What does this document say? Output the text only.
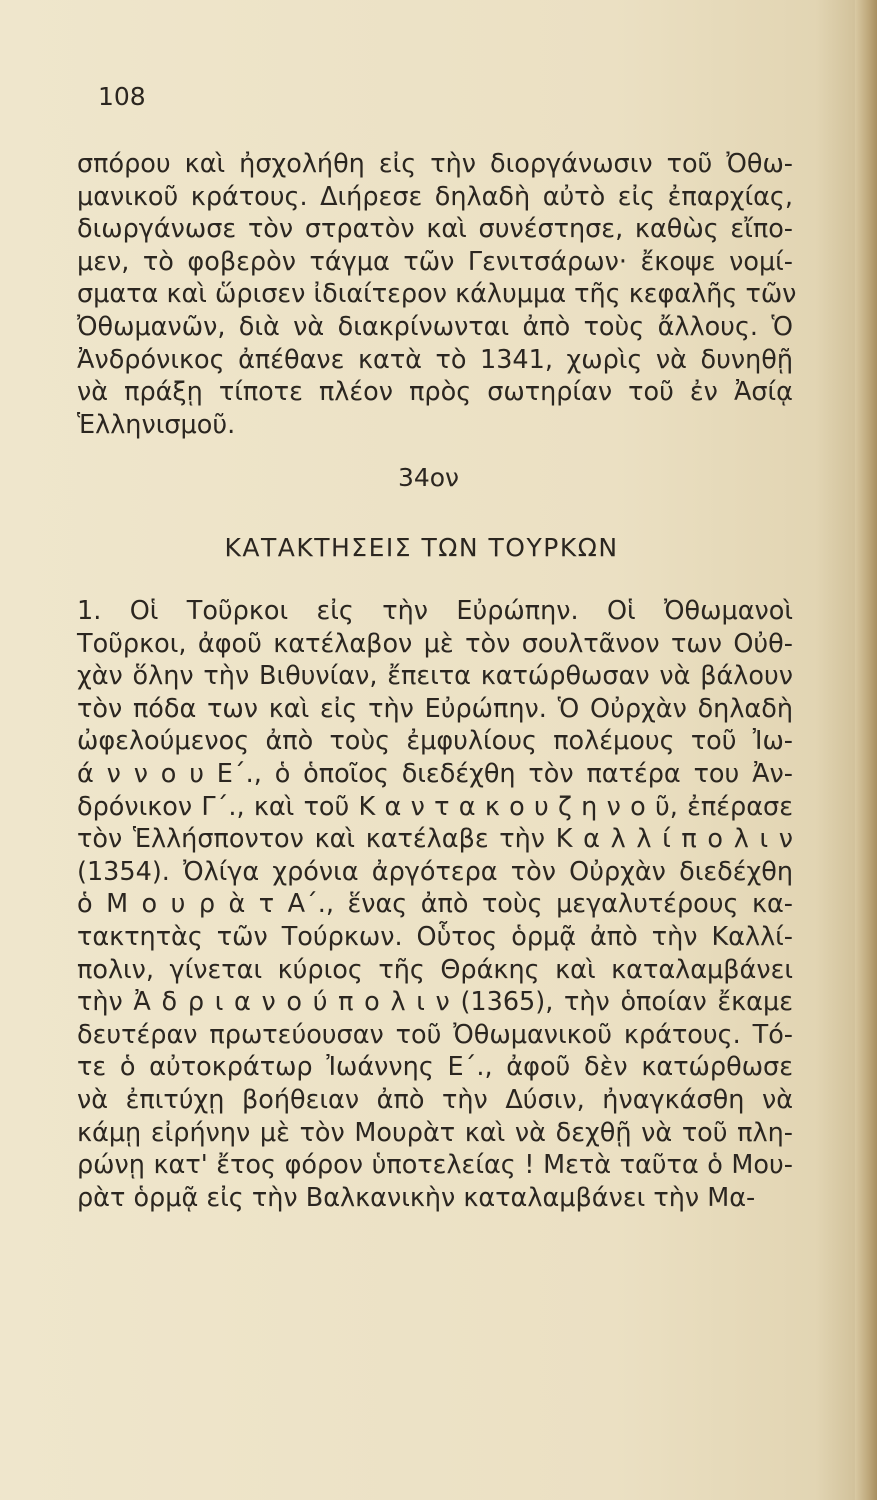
108
σπόρου καὶ ἠσχολήθη εἰς τὴν διοργάνωσιν τοῦ Ὀθω-
μανικοῦ κράτους. Διήρεσε δηλαδὴ αὐτὸ εἰς ἐπαρχίας,
διωργάνωσε τὸν στρατὸν καὶ συνέστησε, καθὼς εἴπο-
μεν, τὸ φοβερὸν τάγμα τῶν Γενιτσάρων· ἔκοψε νομί-
σματα καὶ ὥρισεν ἰδιαίτερον κάλυμμα τῆς κεφαλῆς τῶν
Ὀθωμανῶν, διὰ νὰ διακρίνωνται ἀπὸ τοὺς ἄλλους. Ὁ
Ἀνδρόνικος ἀπέθανε κατὰ τὸ 1341, χωρὶς νὰ δυνηθῇ
νὰ πράξῃ τίποτε πλέον πρὸς σωτηρίαν τοῦ ἐν Ἀσίᾳ
Ἑλληνισμοῦ.
34ον
ΚΑΤΑΚΤΗΣΕΙΣ ΤΩΝ ΤΟΥΡΚΩΝ
1. Οἱ Τοῦρκοι εἰς τὴν Εὐρώπην. Οἱ Ὀθωμανοὶ
Τοῦρκοι, ἀφοῦ κατέλαβον μὲ τὸν σουλτᾶνον των Οὐθ-
χὰν ὅλην τὴν Βιθυνίαν, ἔπειτα κατώρθωσαν νὰ βάλουν
τὸν πόδα των καὶ εἰς τὴν Εὐρώπην. Ὁ Οὐρχὰν δηλαδὴ
ὠφελούμενος ἀπὸ τοὺς ἐμφυλίους πολέμους τοῦ Ἰω-
ά ν ν ο υ Ε΄., ὁ ὁποῖος διεδέχθη τὸν πατέρα του Ἀν-
δρόνικον Γ΄., καὶ τοῦ Κ α ν τ α κ ο υ ζ η ν ο ῦ, ἐπέρασε
τὸν Ἑλλήσποντον καὶ κατέλαβε τὴν Κ α λ λ ί π ο λ ι ν
(1354). Ὀλίγα χρόνια ἀργότερα τὸν Οὐρχὰν διεδέχθη
ὁ Μ ο υ ρ ὰ τ Α΄., ἕνας ἀπὸ τοὺς μεγαλυτέρους κα-
τακτητὰς τῶν Τούρκων. Οὗτος ὁρμᾷ ἀπὸ τὴν Καλλί-
πολιν, γίνεται κύριος τῆς Θράκης καὶ καταλαμβάνει
τὴν Ἀ δ ρ ι α ν ο ύ π ο λ ι ν (1365), τὴν ὁποίαν ἔκαμε
δευτέραν πρωτεύουσαν τοῦ Ὀθωμανικοῦ κράτους. Τό-
τε ὁ αὐτοκράτωρ Ἰωάννης Ε΄., ἀφοῦ δὲν κατώρθωσε
νὰ ἐπιτύχῃ βοήθειαν ἀπὸ τὴν Δύσιν, ἠναγκάσθη νὰ
κάμῃ εἰρήνην μὲ τὸν Μουρὰτ καὶ νὰ δεχθῇ νὰ τοῦ πλη-
ρώνῃ κατ' ἔτος φόρον ὑποτελείας ! Μετὰ ταῦτα ὁ Μου-
ρὰτ ὁρμᾷ εἰς τὴν Βαλκανικὴν καταλαμβάνει τὴν Μα-
